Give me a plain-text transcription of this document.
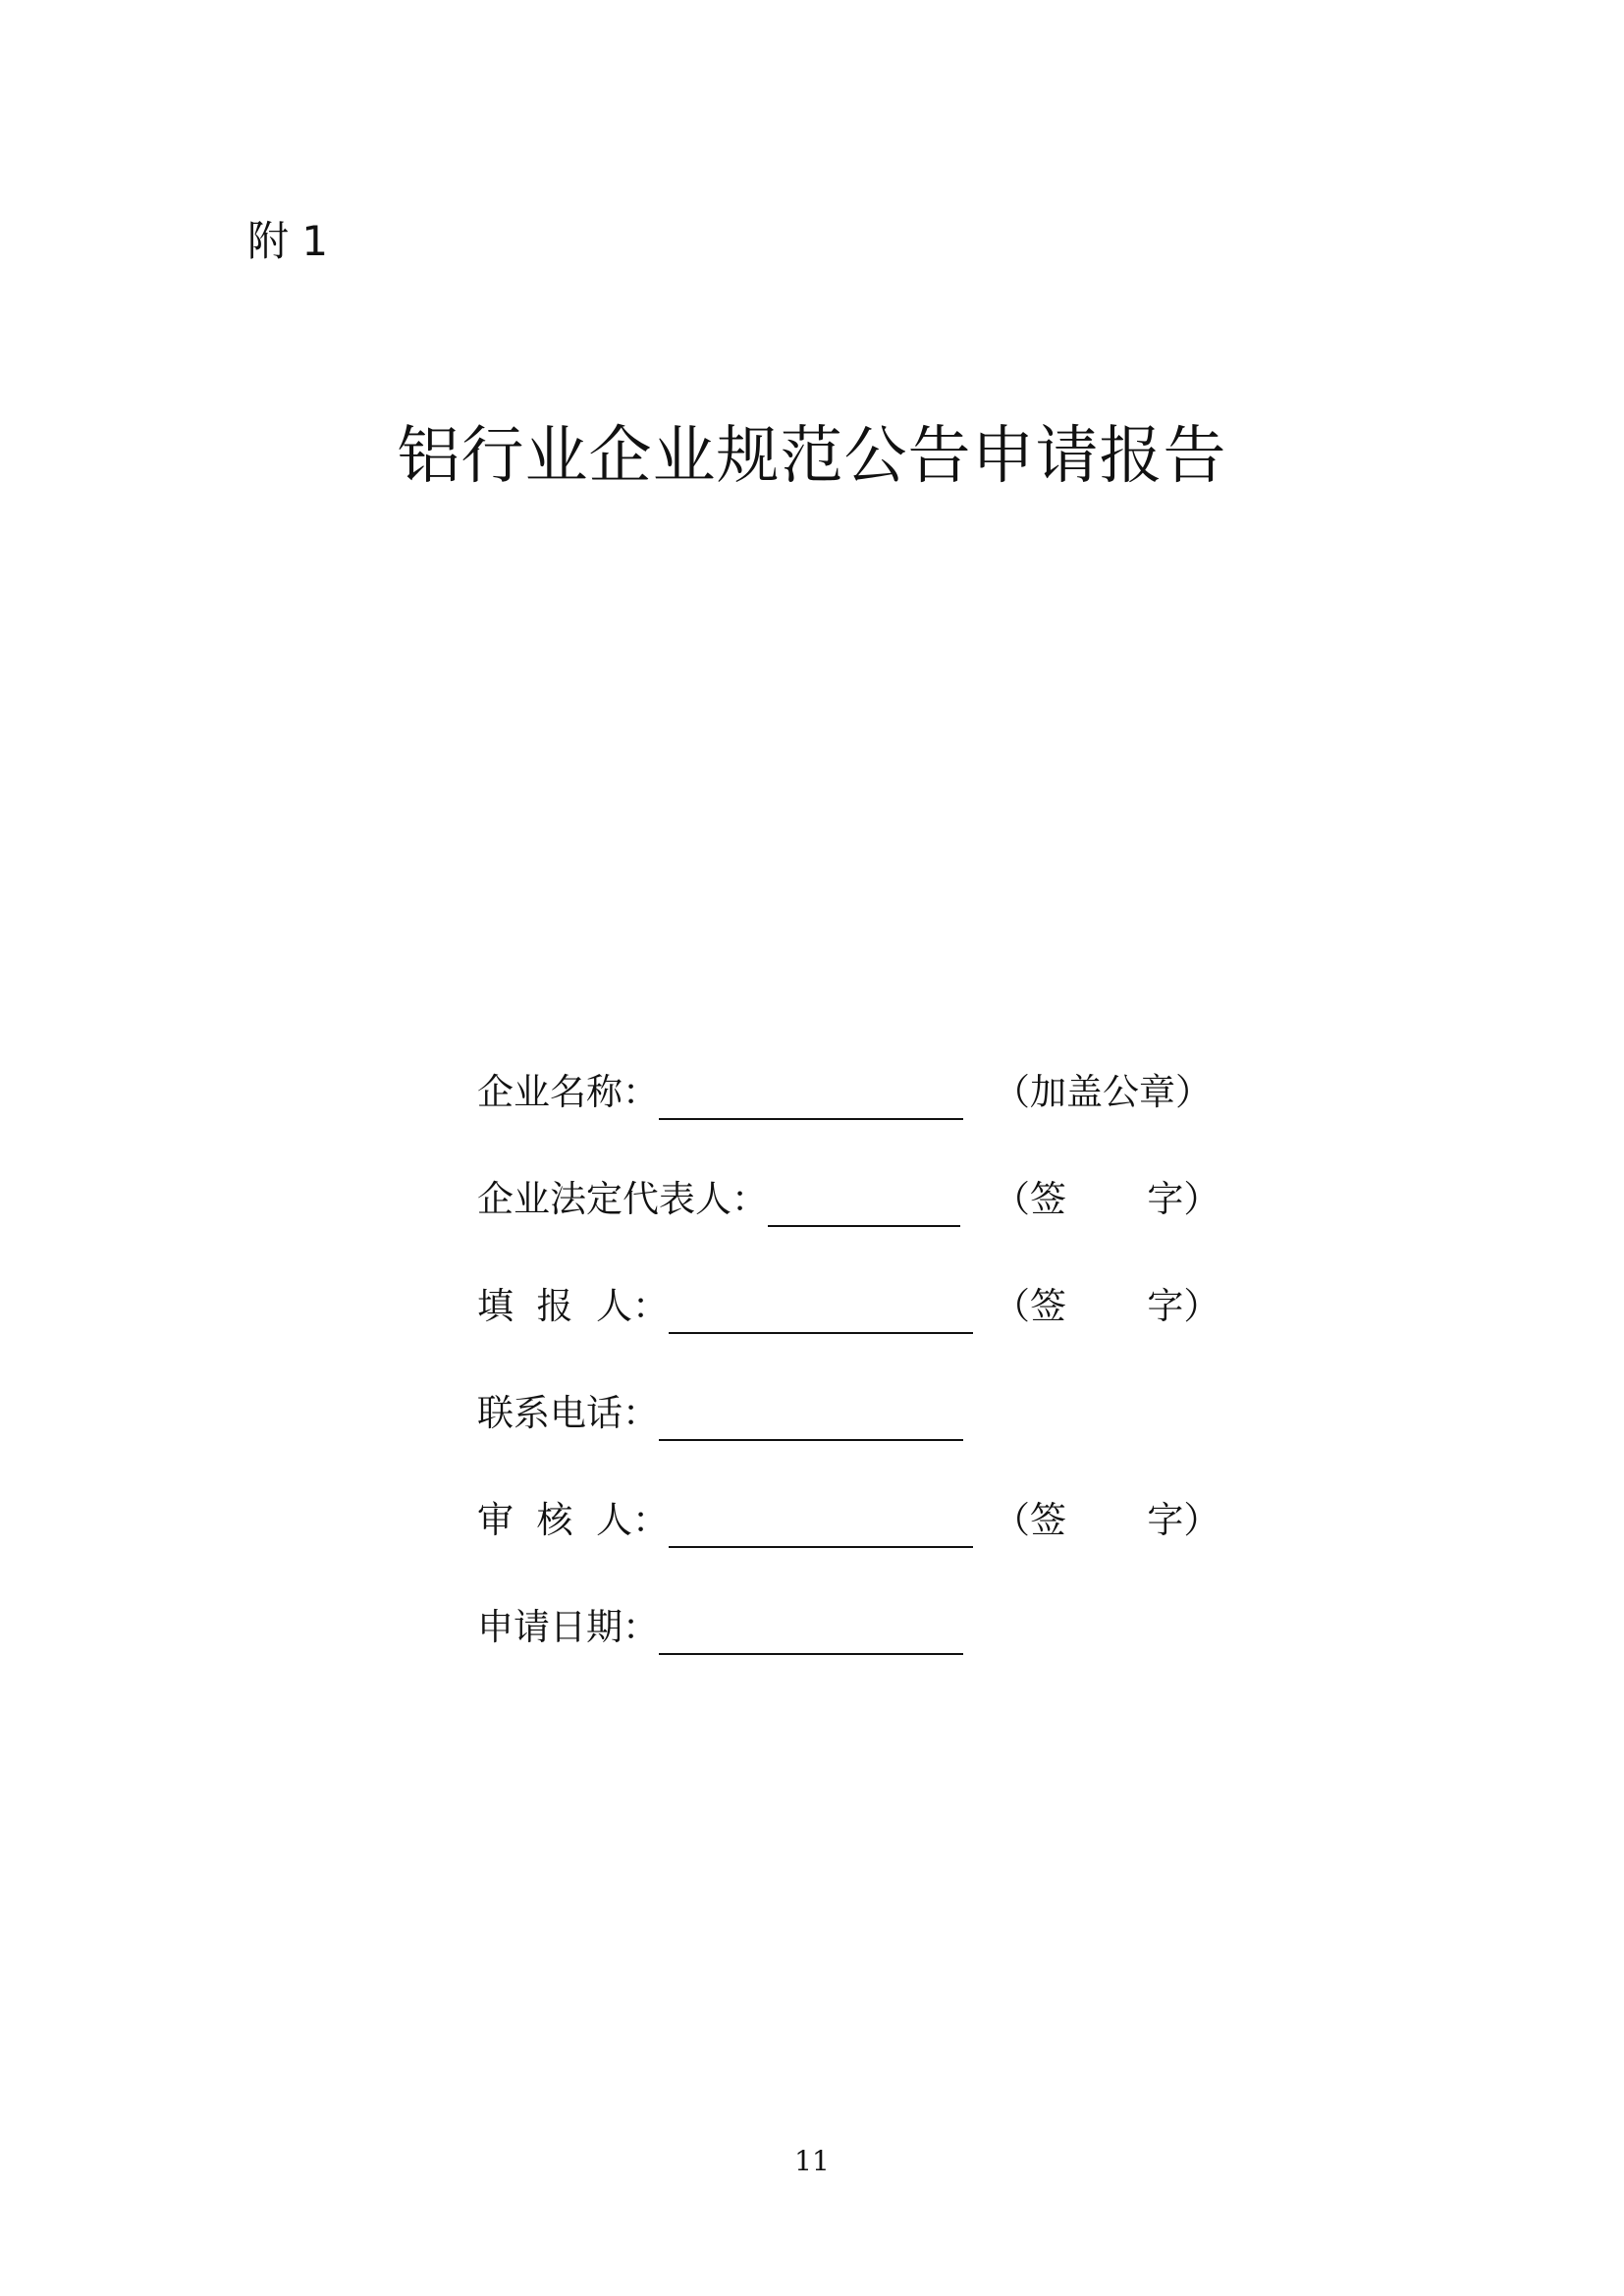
附 1
铝行业企业规范公告申请报告
企业名称：	（加盖公章）
企业法定代表人：	（签       字）
填  报  人：	（签       字）
联系电话：
审  核  人：	（签       字）
申请日期：
11
